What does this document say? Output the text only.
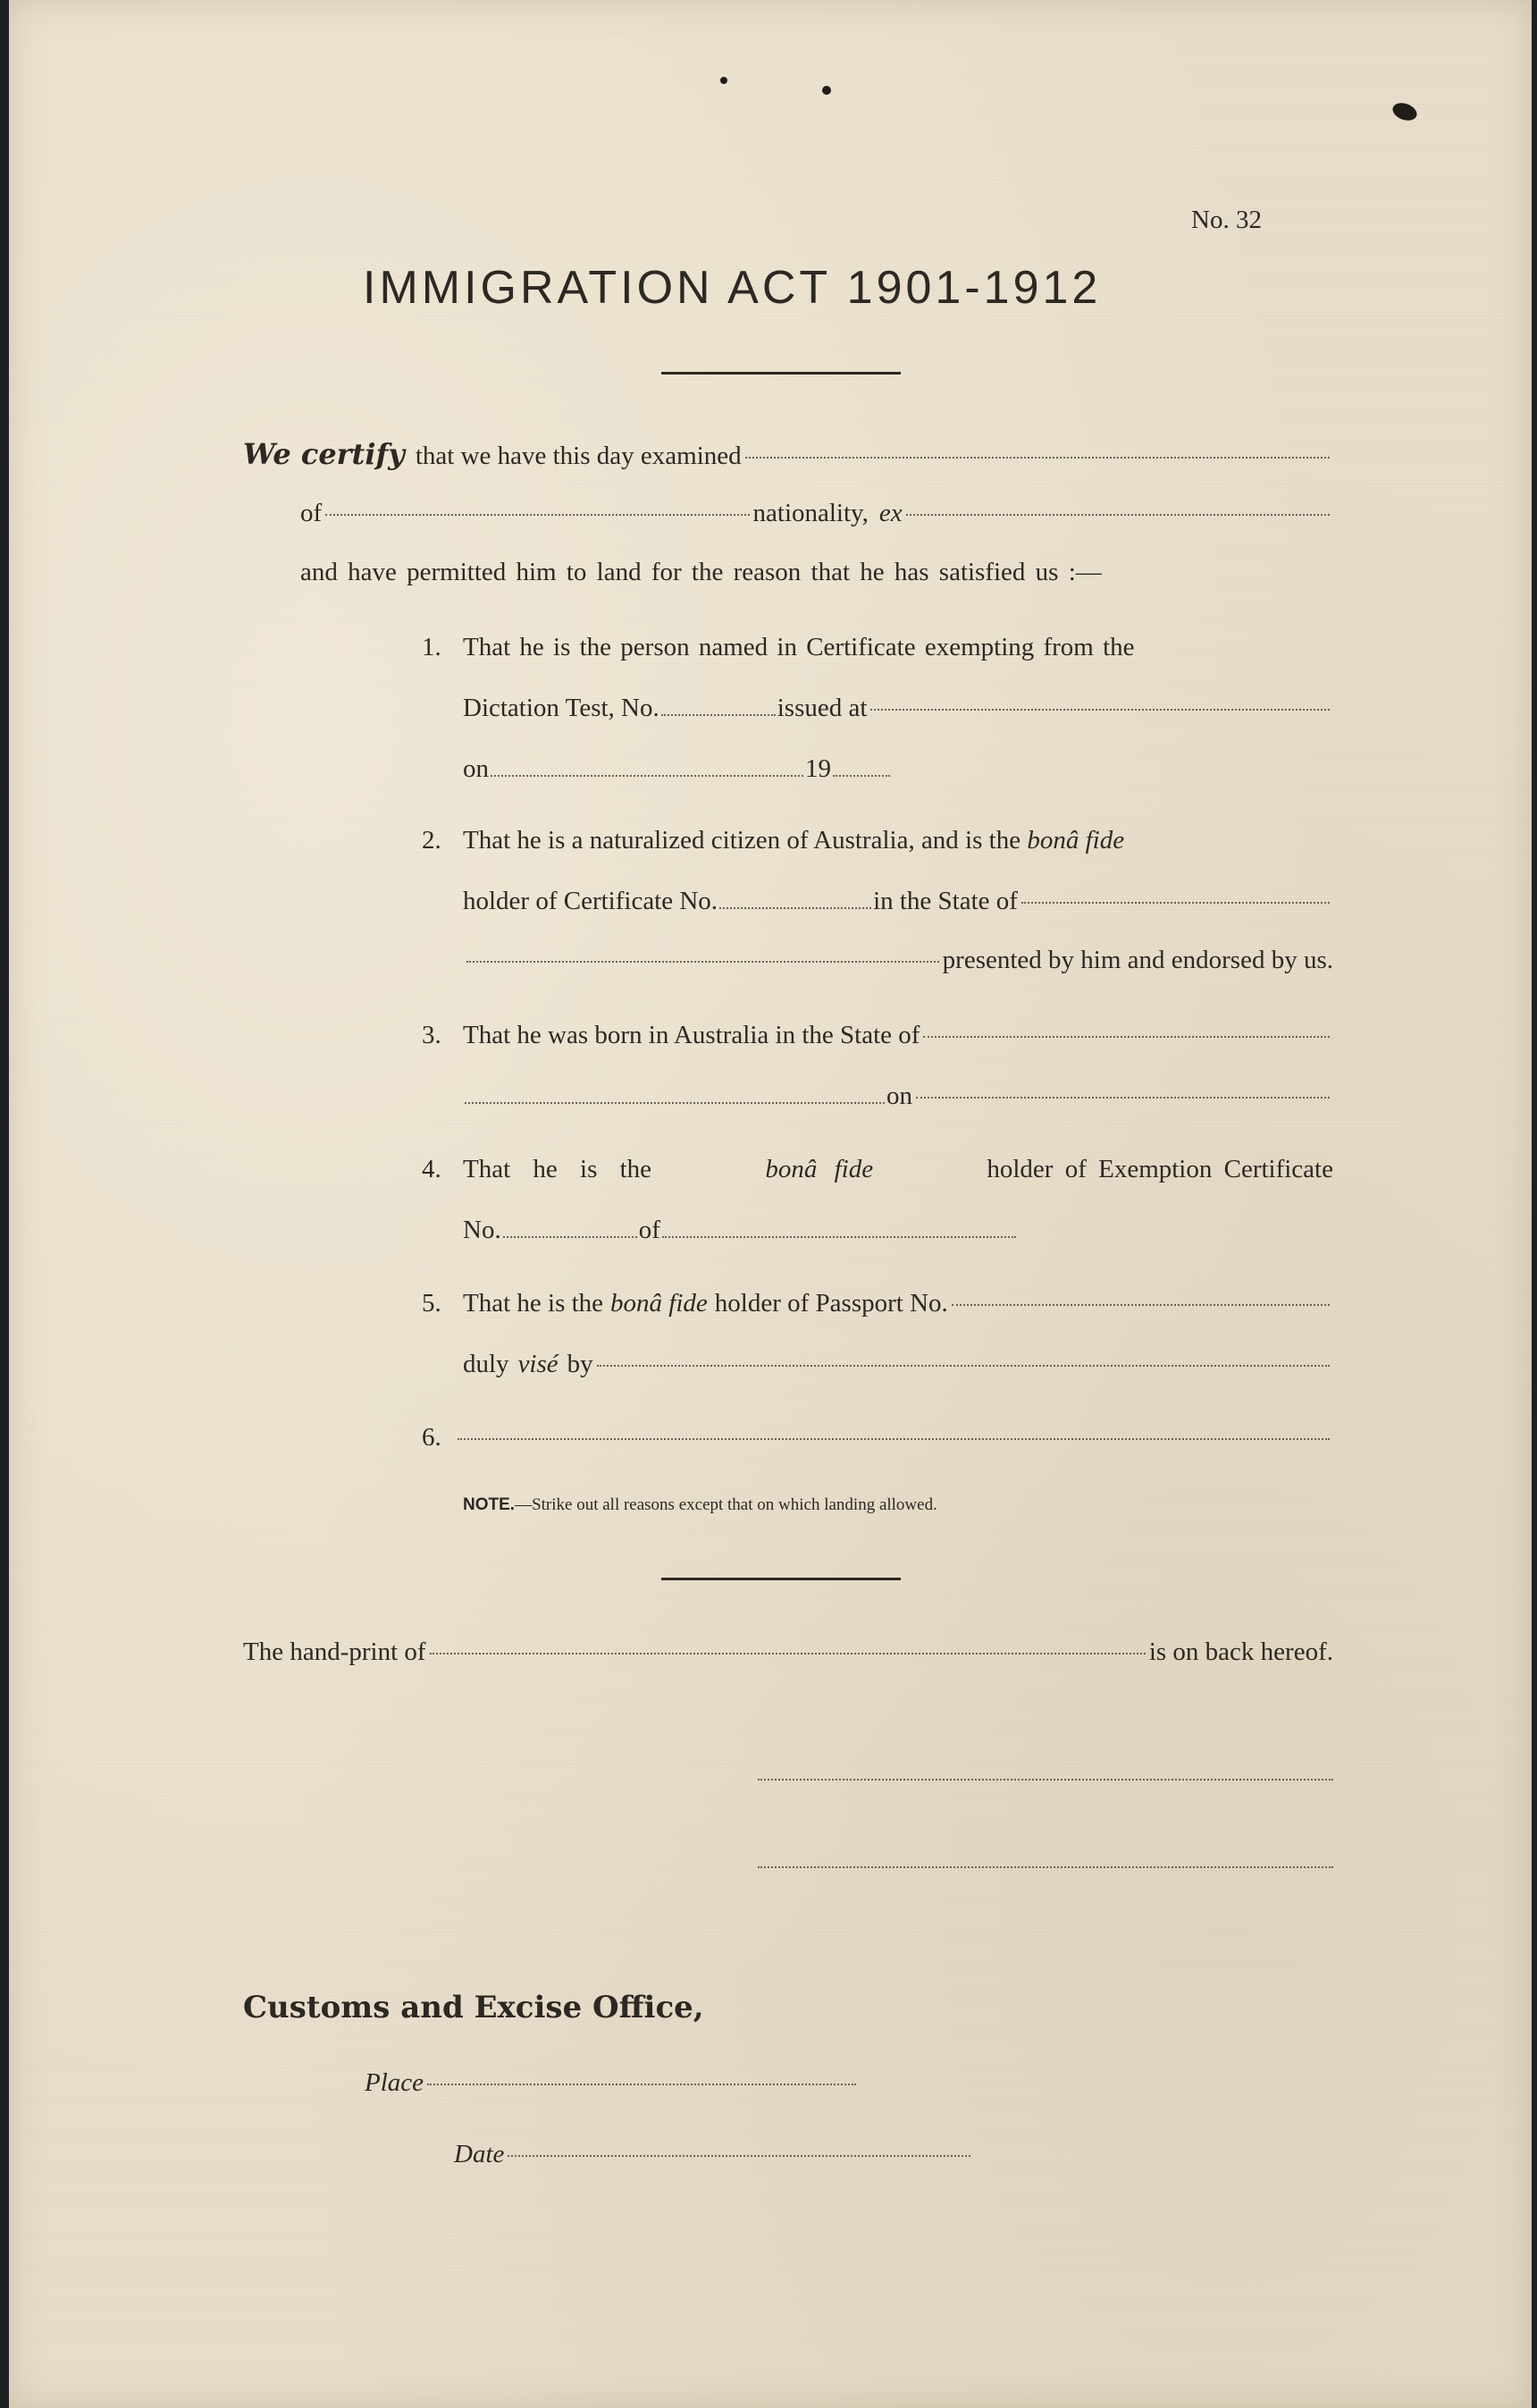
No. 32
IMMIGRATION ACT 1901-1912
We certify that we have this day examined
of	nationality, ex
and have permitted him to land for the reason that he has satisfied us :—
1. That he is the person named in Certificate exempting from the
Dictation Test, No.	issued at
on	19
2. That he is a naturalized citizen of Australia, and is the bonâ fide
holder of Certificate No.	in the State of
presented by him and endorsed by us.
3. That he was born in Australia in the State of
on
4. That he is the	bonâ fide	holder of Exemption Certificate
No.	of
5. That he is the bonâ fide holder of Passport No.
duly visé by
6.
NOTE.—Strike out all reasons except that on which landing allowed.
The hand-print of	is on back hereof.
Customs and Excise Office,
Place
Date
